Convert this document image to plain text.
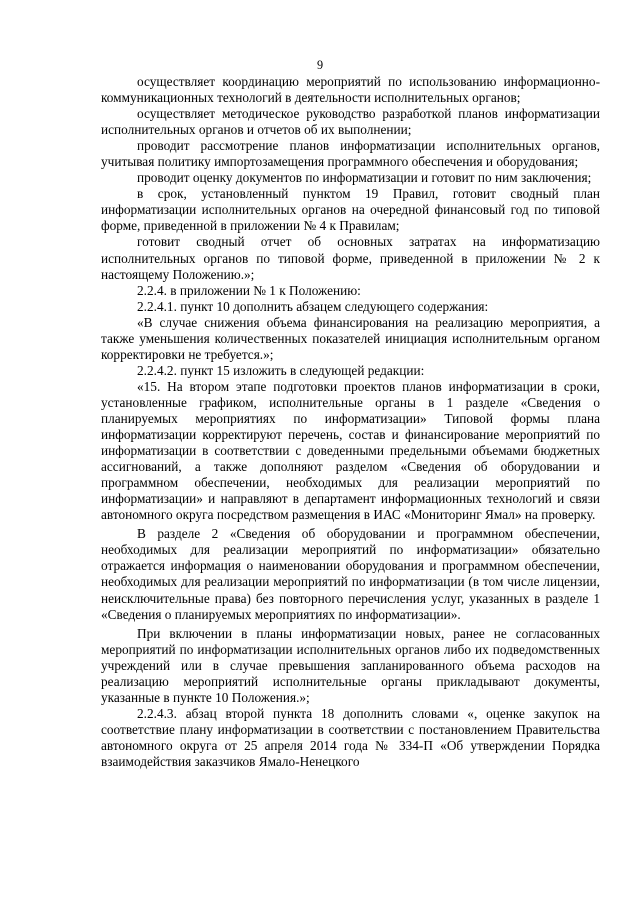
9

осуществляет координацию мероприятий по использованию информационно-коммуникационных технологий в деятельности исполнительных органов;

осуществляет методическое руководство разработкой планов информатизации исполнительных органов и отчетов об их выполнении;

проводит рассмотрение планов информатизации исполнительных органов, учитывая политику импортозамещения программного обеспечения и оборудования;

проводит оценку документов по информатизации и готовит по ним заключения;

в срок, установленный пунктом 19 Правил, готовит сводный план информатизации исполнительных органов на очередной финансовый год по типовой форме, приведенной в приложении № 4 к Правилам;

готовит сводный отчет об основных затратах на информатизацию исполнительных органов по типовой форме, приведенной в приложении № 2 к настоящему Положению.»;

2.2.4. в приложении № 1 к Положению:

2.2.4.1. пункт 10 дополнить абзацем следующего содержания:

«В случае снижения объема финансирования на реализацию мероприятия, а также уменьшения количественных показателей инициация исполнительным органом корректировки не требуется.»;

2.2.4.2. пункт 15 изложить в следующей редакции:

«15. На втором этапе подготовки проектов планов информатизации в сроки, установленные графиком, исполнительные органы в 1 разделе «Сведения о планируемых мероприятиях по информатизации» Типовой формы плана информатизации корректируют перечень, состав и финансирование мероприятий по информатизации в соответствии с доведенными предельными объемами бюджетных ассигнований, а также дополняют разделом «Сведения об оборудовании и программном обеспечении, необходимых для реализации мероприятий по информатизации» и направляют в департамент информационных технологий и связи автономного округа посредством размещения в ИАС «Мониторинг Ямал» на проверку.

В разделе 2 «Сведения об оборудовании и программном обеспечении, необходимых для реализации мероприятий по информатизации» обязательно отражается информация о наименовании оборудования и программном обеспечении, необходимых для реализации мероприятий по информатизации (в том числе лицензии, неисключительные права) без повторного перечисления услуг, указанных в разделе 1 «Сведения о планируемых мероприятиях по информатизации».

При включении в планы информатизации новых, ранее не согласованных мероприятий по информатизации исполнительных органов либо их подведомственных учреждений или в случае превышения запланированного объема расходов на реализацию мероприятий исполнительные органы прикладывают документы, указанные в пункте 10 Положения.»;

2.2.4.3. абзац второй пункта 18 дополнить словами «, оценке закупок на соответствие плану информатизации в соответствии с постановлением Правительства автономного округа от 25 апреля 2014 года № 334-П «Об утверждении Порядка взаимодействия заказчиков Ямало-Ненецкого
